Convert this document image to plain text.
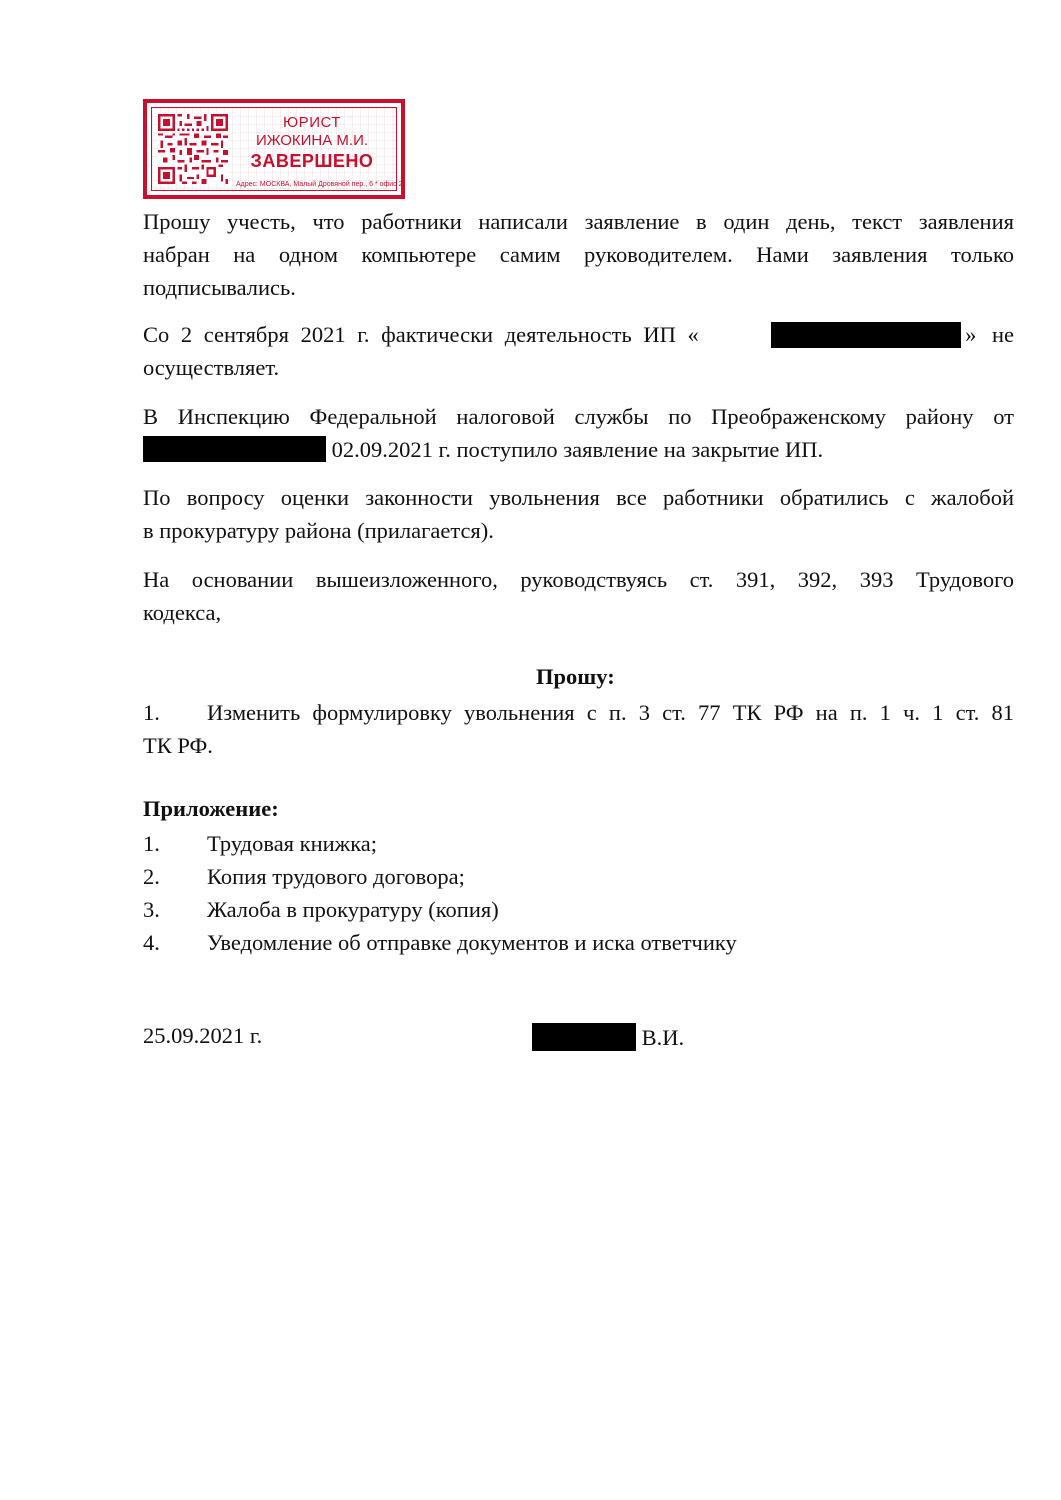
ЮРИСТ
ИЖОКИНА М.И.
ЗАВЕРШЕНО
Адрес: МОСКВА, Малый Дровяной пер., 6 * офис 2
Прошу учесть, что работники написали заявление в один день, текст заявления
набран на одном компьютере самим руководителем. Нами заявления только
подписывались.
Со 2 сентября 2021 г. фактически деятельность ИП «	» не
осуществляет.
В Инспекцию Федеральной налоговой службы по Преображенскому району от
02.09.2021 г. поступило заявление на закрытие ИП.
По вопросу оценки законности увольнения все работники обратились с жалобой
в прокуратуру района (прилагается).
На основании вышеизложенного, руководствуясь ст. 391, 392, 393 Трудового
кодекса,
Прошу:
1. Изменить формулировку увольнения с п. 3 ст. 77 ТК РФ на п. 1 ч. 1 ст. 81
ТК РФ.
Приложение:
1. Трудовая книжка;
2. Копия трудового договора;
3. Жалоба в прокуратуру (копия)
4. Уведомление об отправке документов и иска ответчику
25.09.2021 г.	В.И.
